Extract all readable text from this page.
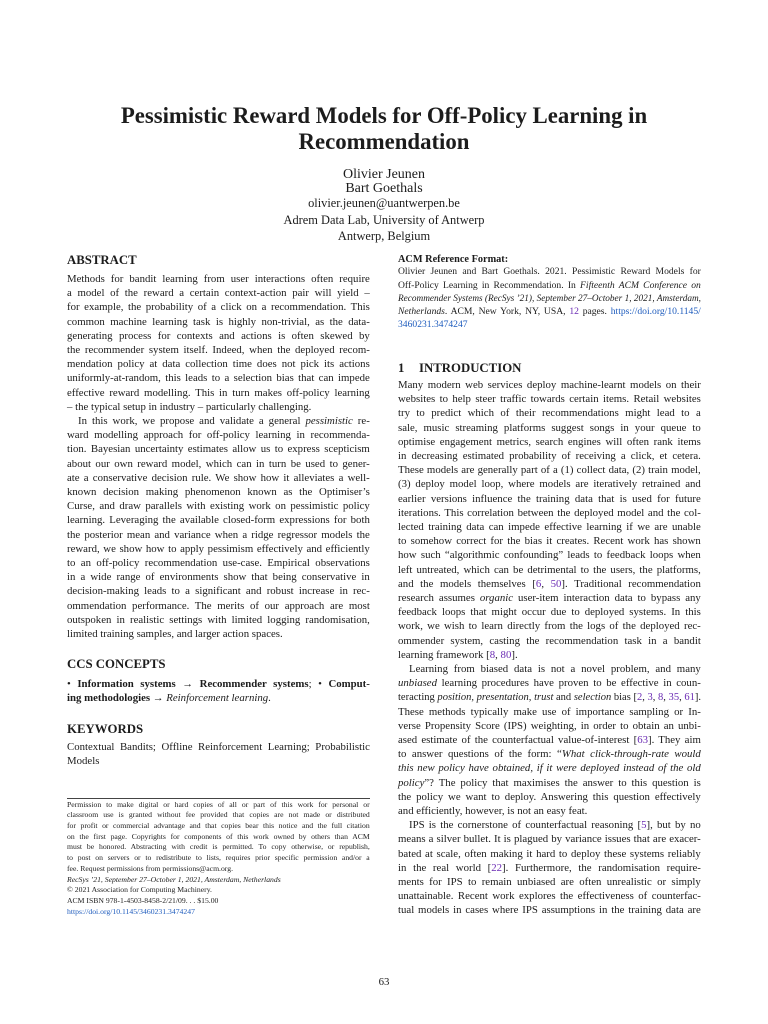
Pessimistic Reward Models for Off-Policy Learning in
Recommendation
Olivier Jeunen
Bart Goethals
olivier.jeunen@uantwerpen.be
Adrem Data Lab, University of Antwerp
Antwerp, Belgium
ABSTRACT
Methods for bandit learning from user interactions often require
a model of the reward a certain context-action pair will yield –
for example, the probability of a click on a recommendation. This
common machine learning task is highly non-trivial, as the data-
generating process for contexts and actions is often skewed by
the recommender system itself. Indeed, when the deployed recom-
mendation policy at data collection time does not pick its actions
uniformly-at-random, this leads to a selection bias that can impede
effective reward modelling. This in turn makes off-policy learning
– the typical setup in industry – particularly challenging.
In this work, we propose and validate a general pessimistic re-
ward modelling approach for off-policy learning in recommenda-
tion. Bayesian uncertainty estimates allow us to express scepticism
about our own reward model, which can in turn be used to gener-
ate a conservative decision rule. We show how it alleviates a well-
known decision making phenomenon known as the Optimiser’s
Curse, and draw parallels with existing work on pessimistic policy
learning. Leveraging the available closed-form expressions for both
the posterior mean and variance when a ridge regressor models the
reward, we show how to apply pessimism effectively and efficiently
to an off-policy recommendation use-case. Empirical observations
in a wide range of environments show that being conservative in
decision-making leads to a significant and robust increase in rec-
ommendation performance. The merits of our approach are most
outspoken in realistic settings with limited logging randomisation,
limited training samples, and larger action spaces.
CCS CONCEPTS
• Information systems → Recommender systems; • Comput-
ing methodologies → Reinforcement learning.
KEYWORDS
Contextual Bandits; Offline Reinforcement Learning; Probabilistic
Models
Permission to make digital or hard copies of all or part of this work for personal or
classroom use is granted without fee provided that copies are not made or distributed
for profit or commercial advantage and that copies bear this notice and the full citation
on the first page. Copyrights for components of this work owned by others than ACM
must be honored. Abstracting with credit is permitted. To copy otherwise, or republish,
to post on servers or to redistribute to lists, requires prior specific permission and/or a
fee. Request permissions from permissions@acm.org.
RecSys ’21, September 27–October 1, 2021, Amsterdam, Netherlands
© 2021 Association for Computing Machinery.
ACM ISBN 978-1-4503-8458-2/21/09. . . $15.00
https://doi.org/10.1145/3460231.3474247
ACM Reference Format:
Olivier Jeunen and Bart Goethals. 2021. Pessimistic Reward Models for
Off-Policy Learning in Recommendation. In Fifteenth ACM Conference on
Recommender Systems (RecSys ’21), September 27–October 1, 2021, Amsterdam,
Netherlands. ACM, New York, NY, USA, 12 pages. https://doi.org/10.1145/
3460231.3474247
1 INTRODUCTION
Many modern web services deploy machine-learnt models on their
websites to help steer traffic towards certain items. Retail websites
try to predict which of their recommendations might lead to a
sale, music streaming platforms suggest songs in your queue to
optimise engagement metrics, search engines will often rank items
in decreasing estimated probability of receiving a click, et cetera.
These models are generally part of a (1) collect data, (2) train model,
(3) deploy model loop, where models are iteratively retrained and
earlier versions influence the training data that is used for future
iterations. This correlation between the deployed model and the col-
lected training data can impede effective learning if we are unable
to somehow correct for the bias it creates. Recent work has shown
how such “algorithmic confounding” leads to feedback loops when
left untreated, which can be detrimental to the users, the platforms,
and the models themselves [6, 50]. Traditional recommendation
research assumes organic user-item interaction data to bypass any
feedback loops that might occur due to deployed systems. In this
work, we wish to learn directly from the logs of the deployed rec-
ommender system, casting the recommendation task in a bandit
learning framework [8, 80].
Learning from biased data is not a novel problem, and many
unbiased learning procedures have proven to be effective in coun-
teracting position, presentation, trust and selection bias [2, 3, 8, 35, 61].
These methods typically make use of importance sampling or In-
verse Propensity Score (IPS) weighting, in order to obtain an unbi-
ased estimate of the counterfactual value-of-interest [63]. They aim
to answer questions of the form: “What click-through-rate would
this new policy have obtained, if it were deployed instead of the old
policy”? The policy that maximises the answer to this question is
the policy we want to deploy. Answering this question effectively
and efficiently, however, is not an easy feat.
IPS is the cornerstone of counterfactual reasoning [5], but by no
means a silver bullet. It is plagued by variance issues that are exacer-
bated at scale, often making it hard to deploy these systems reliably
in the real world [22]. Furthermore, the randomisation require-
ments for IPS to remain unbiased are often unrealistic or simply
unattainable. Recent work explores the effectiveness of counterfac-
tual models in cases where IPS assumptions in the training data are
63
